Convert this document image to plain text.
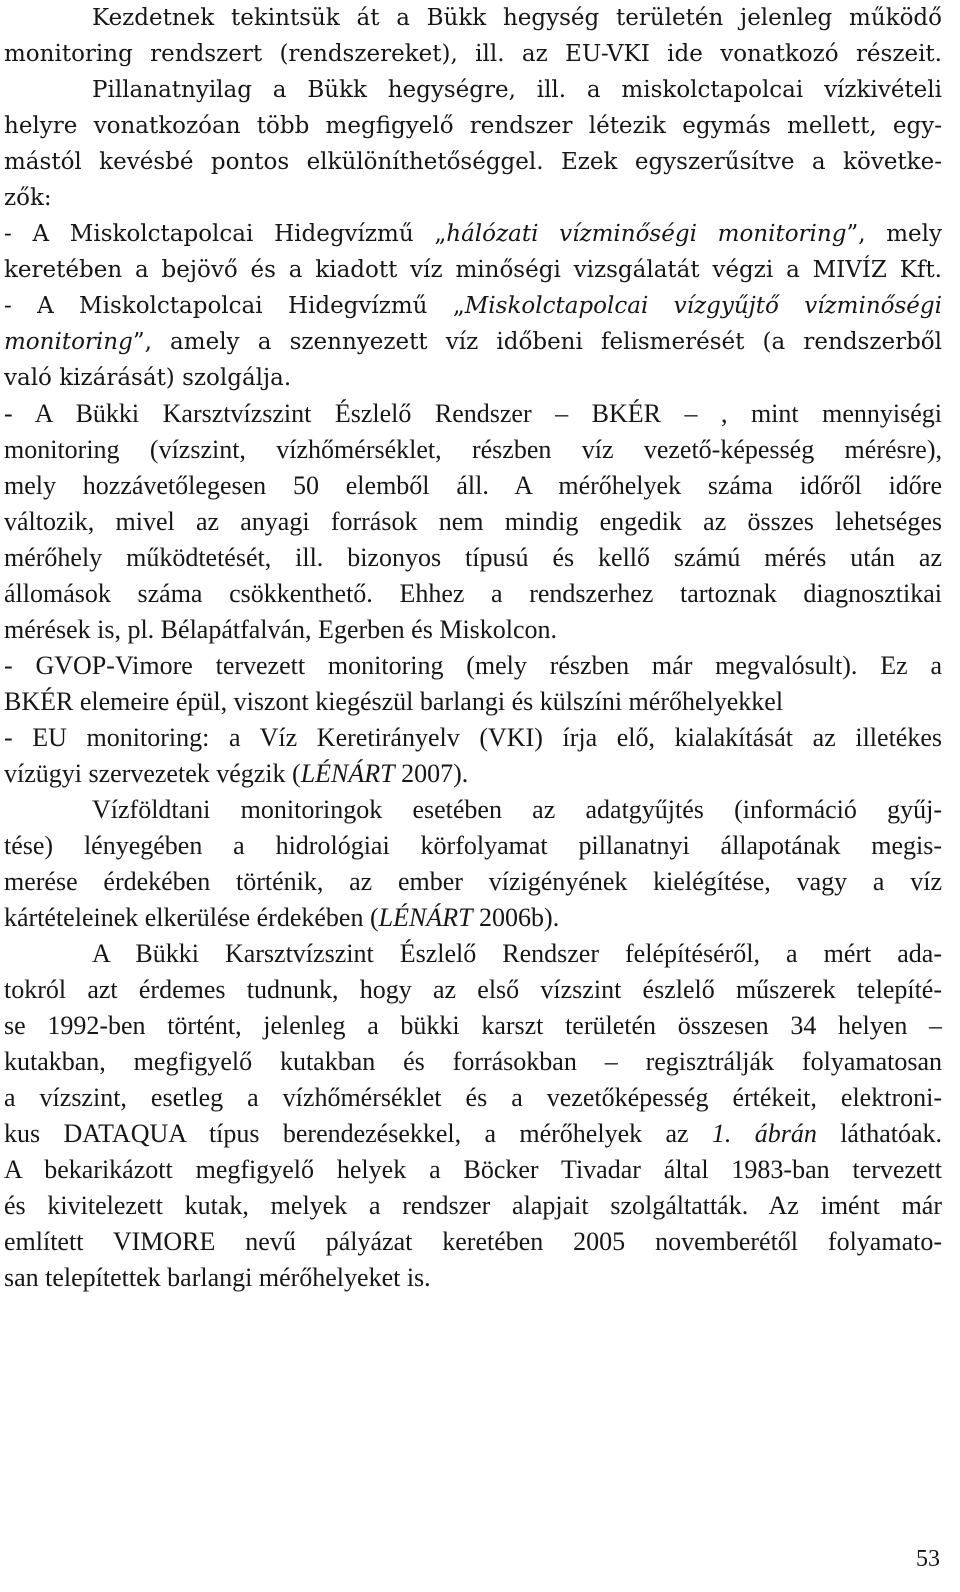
Kezdetnek tekintsük át a Bükk hegység területén jelenleg működő
monitoring rendszert (rendszereket), ill. az EU-VKI ide vonatkozó részeit.
Pillanatnyilag a Bükk hegységre, ill. a miskolctapolcai vízkivételi
helyre vonatkozóan több megfigyelő rendszer létezik egymás mellett, egy-
mástól kevésbé pontos elkülöníthetőséggel. Ezek egyszerűsítve a követke-
zők:
- A Miskolctapolcai Hidegvízmű „hálózati vízminőségi monitoring”, mely
keretében a bejövő és a kiadott víz minőségi vizsgálatát végzi a MIVÍZ Kft.
- A Miskolctapolcai Hidegvízmű „Miskolctapolcai vízgyűjtő vízminőségi
monitoring”, amely a szennyezett víz időbeni felismerését (a rendszerből
való kizárását) szolgálja.
- A Bükki Karsztvízszint Észlelő Rendszer – BKÉR – , mint mennyiségi
monitoring (vízszint, vízhőmérséklet, részben víz vezető-képesség mérésre),
mely hozzávetőlegesen 50 elemből áll. A mérőhelyek száma időről időre
változik, mivel az anyagi források nem mindig engedik az összes lehetséges
mérőhely működtetését, ill. bizonyos típusú és kellő számú mérés után az
állomások száma csökkenthető. Ehhez a rendszerhez tartoznak diagnosztikai
mérések is, pl. Bélapátfalván, Egerben és Miskolcon.
- GVOP-Vimore tervezett monitoring (mely részben már megvalósult). Ez a
BKÉR elemeire épül, viszont kiegészül barlangi és külszíni mérőhelyekkel
- EU monitoring: a Víz Keretirányelv (VKI) írja elő, kialakítását az illetékes
vízügyi szervezetek végzik (LÉNÁRT 2007).
Vízföldtani monitoringok esetében az adatgyűjtés (információ gyűj-
tése) lényegében a hidrológiai körfolyamat pillanatnyi állapotának megis-
merése érdekében történik, az ember vízigényének kielégítése, vagy a víz
kártételeinek elkerülése érdekében (LÉNÁRT 2006b).
A Bükki Karsztvízszint Észlelő Rendszer felépítéséről, a mért ada-
tokról azt érdemes tudnunk, hogy az első vízszint észlelő műszerek telepíté-
se 1992-ben történt, jelenleg a bükki karszt területén összesen 34 helyen –
kutakban, megfigyelő kutakban és forrásokban – regisztrálják folyamatosan
a vízszint, esetleg a vízhőmérséklet és a vezetőképesség értékeit, elektroni-
kus DATAQUA típus berendezésekkel, a mérőhelyek az 1. ábrán láthatóak.
A bekarikázott megfigyelő helyek a Böcker Tivadar által 1983-ban tervezett
és kivitelezett kutak, melyek a rendszer alapjait szolgáltatták. Az imént már
említett VIMORE nevű pályázat keretében 2005 novemberétől folyamato-
san telepítettek barlangi mérőhelyeket is.
53
